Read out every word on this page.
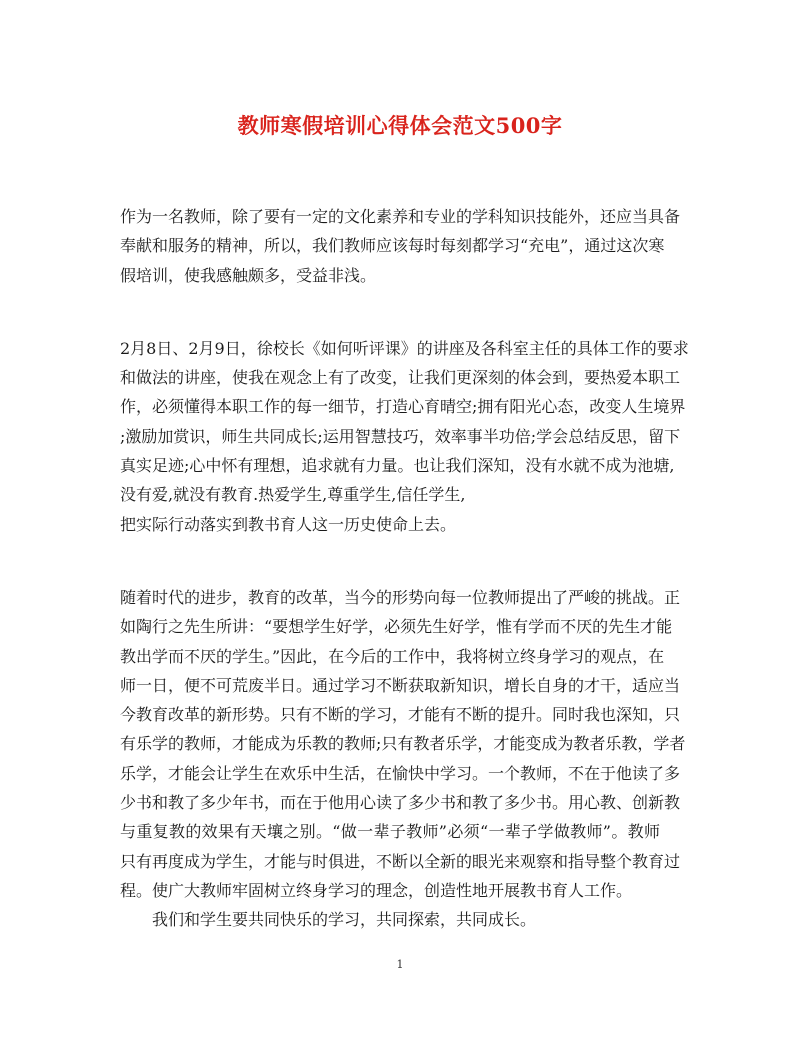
教师寒假培训心得体会范文500字

作为一名教师，除了要有一定的文化素养和专业的学科知识技能外，还应当具备
奉献和服务的精神，所以，我们教师应该每时每刻都学习“充电”，通过这次寒
假培训，使我感触颇多，受益非浅。

2月8日、2月9日，徐校长《如何听评课》的讲座及各科室主任的具体工作的要求
和做法的讲座，使我在观念上有了改变，让我们更深刻的体会到，要热爱本职工
作，必须懂得本职工作的每一细节，打造心育晴空;拥有阳光心态，改变人生境界
;激励加赏识，师生共同成长;运用智慧技巧，效率事半功倍;学会总结反思，留下
真实足迹;心中怀有理想，追求就有力量。也让我们深知，没有水就不成为池塘,
没有爱,就没有教育.热爱学生,尊重学生,信任学生,
把实际行动落实到教书育人这一历史使命上去。

随着时代的进步，教育的改革，当今的形势向每一位教师提出了严峻的挑战。正
如陶行之先生所讲：“要想学生好学，必须先生好学，惟有学而不厌的先生才能
教出学而不厌的学生。”因此，在今后的工作中，我将树立终身学习的观点，在
师一日，便不可荒废半日。通过学习不断获取新知识，增长自身的才干，适应当
今教育改革的新形势。只有不断的学习，才能有不断的提升。同时我也深知，只
有乐学的教师，才能成为乐教的教师;只有教者乐学，才能变成为教者乐教，学者
乐学，才能会让学生在欢乐中生活，在愉快中学习。一个教师，不在于他读了多
少书和教了多少年书，而在于他用心读了多少书和教了多少书。用心教、创新教
与重复教的效果有天壤之别。“做一辈子教师”必须“一辈子学做教师”。教师
只有再度成为学生，才能与时俱进，不断以全新的眼光来观察和指导整个教育过
程。使广大教师牢固树立终身学习的理念，创造性地开展教书育人工作。

我们和学生要共同快乐的学习，共同探索，共同成长。

1
